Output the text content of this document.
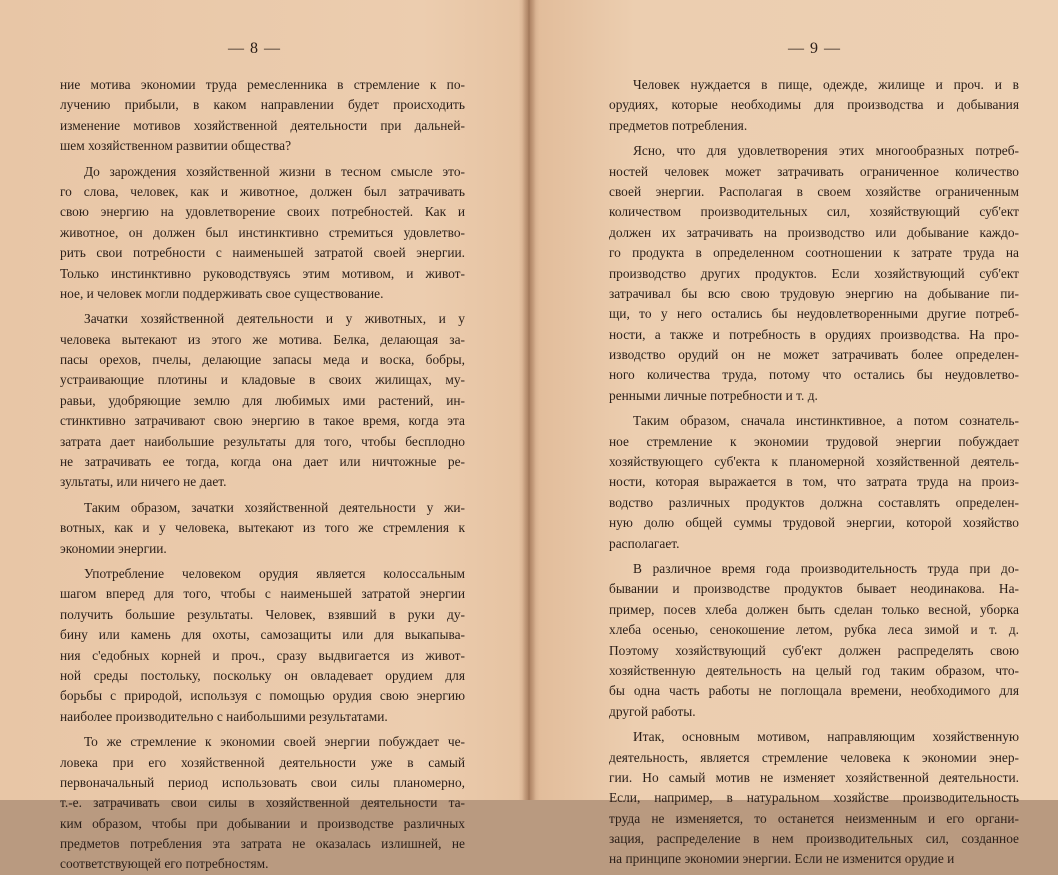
— 8 —
ние мотива экономии труда ремесленника в стремление к по-
лучению прибыли, в каком направлении будет происходить
изменение мотивов хозяйственной деятельности при дальней-
шем хозяйственном развитии общества?
До зарождения хозяйственной жизни в тесном смысле это-
го слова, человек, как и животное, должен был затрачивать
свою энергию на удовлетворение своих потребностей. Как и
животное, он должен был инстинктивно стремиться удовлетво-
рить свои потребности с наименьшей затратой своей энергии.
Только инстинктивно руководствуясь этим мотивом, и живот-
ное, и человек могли поддерживать свое существование.
Зачатки хозяйственной деятельности и у животных, и у
человека вытекают из этого же мотива. Белка, делающая за-
пасы орехов, пчелы, делающие запасы меда и воска, бобры,
устраивающие плотины и кладовые в своих жилищах, му-
равьи, удобряющие землю для любимых ими растений, ин-
стинктивно затрачивают свою энергию в такое время, когда эта
затрата дает наибольшие результаты для того, чтобы бесплодно
не затрачивать ее тогда, когда она дает или ничтожные ре-
зультаты, или ничего не дает.
Таким образом, зачатки хозяйственной деятельности у жи-
вотных, как и у человека, вытекают из того же стремления к
экономии энергии.
Употребление человеком орудия является колоссальным
шагом вперед для того, чтобы с наименьшей затратой энергии
получить большие результаты. Человек, взявший в руки ду-
бину или камень для охоты, самозащиты или для выкапыва-
ния с'едобных корней и проч., сразу выдвигается из живот-
ной среды постольку, поскольку он овладевает орудием для
борьбы с природой, используя с помощью орудия свою энергию
наиболее производительно с наибольшими результатами.
То же стремление к экономии своей энергии побуждает че-
ловека при его хозяйственной деятельности уже в самый
первоначальный период использовать свои силы планомерно,
т.-е. затрачивать свои силы в хозяйственной деятельности та-
ким образом, чтобы при добывании и производстве различных
предметов потребления эта затрата не оказалась излишней, не
соответствующей его потребностям.
— 9 —
Человек нуждается в пище, одежде, жилище и проч. и в
орудиях, которые необходимы для производства и добывания
предметов потребления.
Ясно, что для удовлетворения этих многообразных потреб-
ностей человек может затрачивать ограниченное количество
своей энергии. Располагая в своем хозяйстве ограниченным
количеством производительных сил, хозяйствующий суб'ект
должен их затрачивать на производство или добывание каждо-
го продукта в определенном соотношении к затрате труда на
производство других продуктов. Если хозяйствующий суб'ект
затрачивал бы всю свою трудовую энергию на добывание пи-
щи, то у него остались бы неудовлетворенными другие потреб-
ности, а также и потребность в орудиях производства. На про-
изводство орудий он не может затрачивать более определен-
ного количества труда, потому что остались бы неудовлетво-
ренными личные потребности и т. д.
Таким образом, сначала инстинктивное, а потом сознатель-
ное стремление к экономии трудовой энергии побуждает
хозяйствующего суб'екта к планомерной хозяйственной деятель-
ности, которая выражается в том, что затрата труда на произ-
водство различных продуктов должна составлять определен-
ную долю общей суммы трудовой энергии, которой хозяйство
располагает.
В различное время года производительность труда при до-
бывании и производстве продуктов бывает неодинакова. На-
пример, посев хлеба должен быть сделан только весной, уборка
хлеба осенью, сенокошение летом, рубка леса зимой и т. д.
Поэтому хозяйствующий суб'ект должен распределять свою
хозяйственную деятельность на целый год таким образом, что-
бы одна часть работы не поглощала времени, необходимого для
другой работы.
Итак, основным мотивом, направляющим хозяйственную
деятельность, является стремление человека к экономии энер-
гии. Но самый мотив не изменяет хозяйственной деятельности.
Если, например, в натуральном хозяйстве производительность
труда не изменяется, то останется неизменным и его органи-
зация, распределение в нем производительных сил, созданное
на принципе экономии энергии. Если не изменится орудие и
